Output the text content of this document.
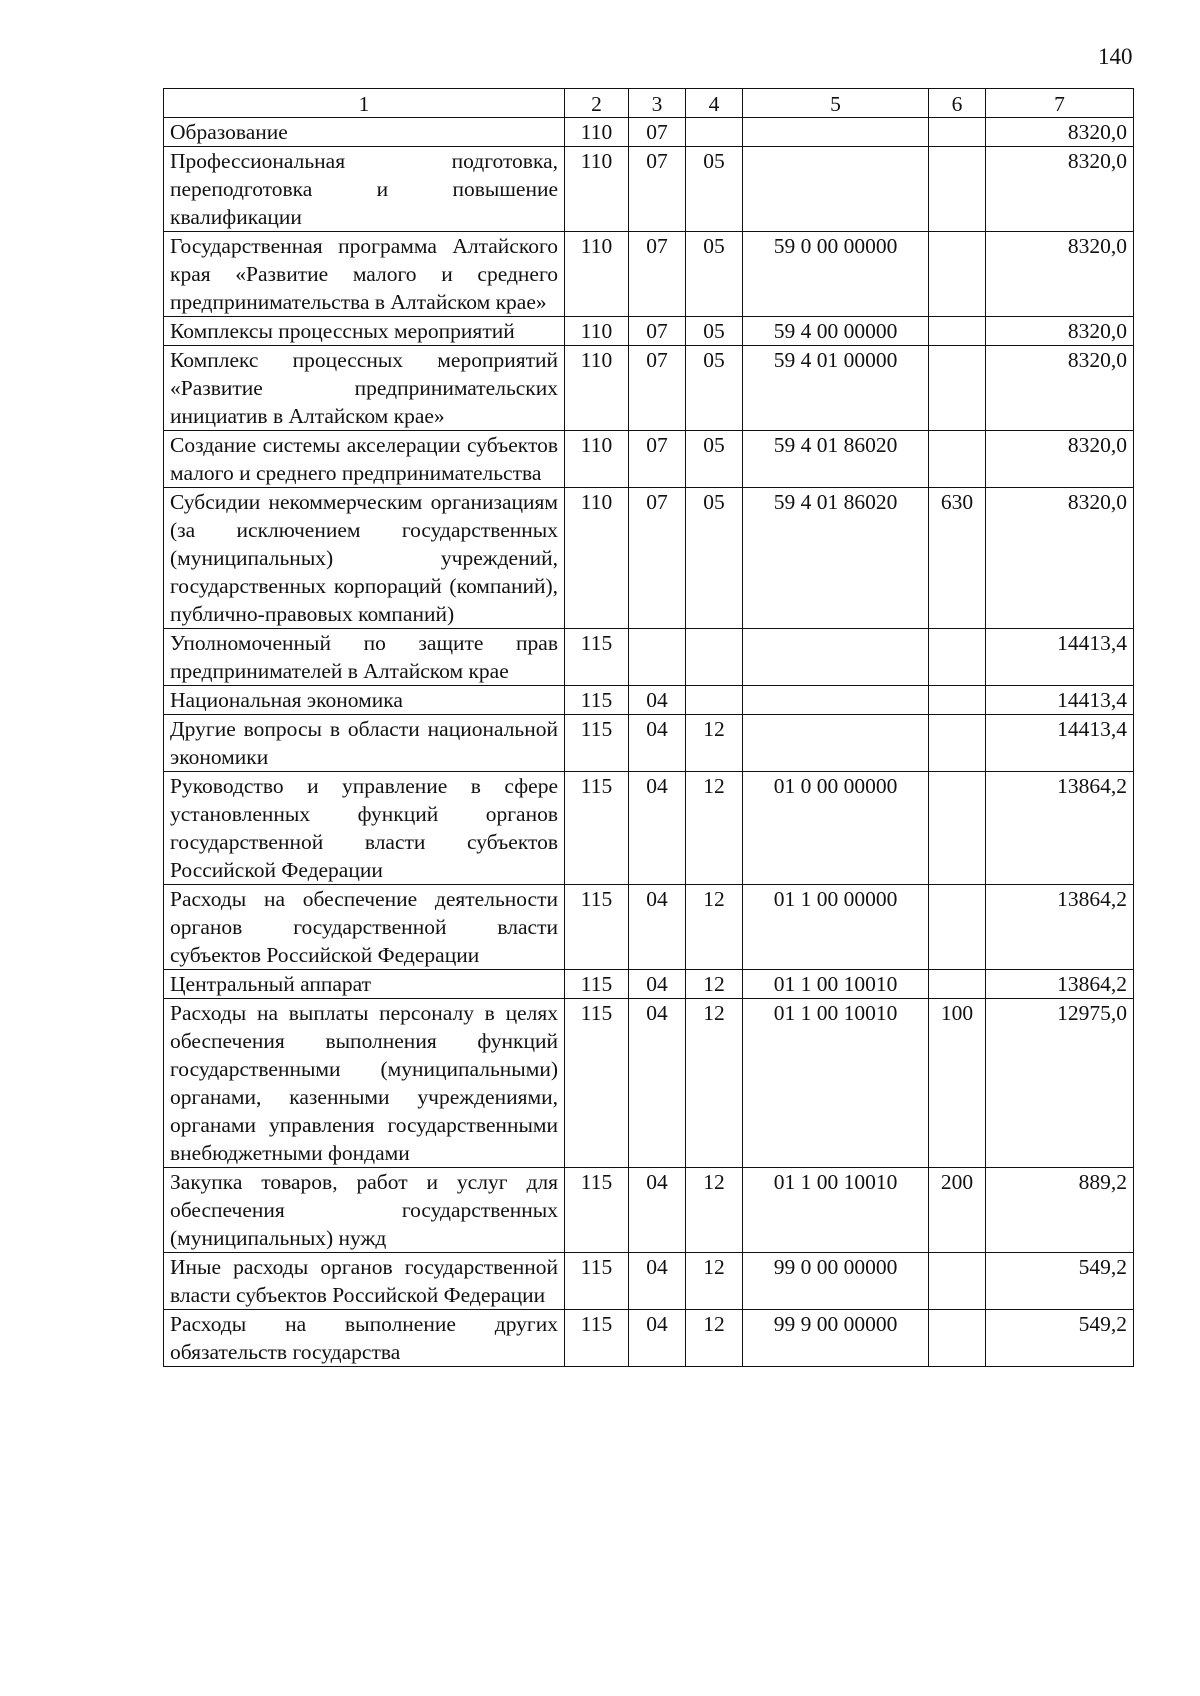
140
1	2	3	4	5	6	7
Образование	110	07				8320,0
Профессиональная подготовка, переподготовка и повышение квалификации	110	07	05			8320,0
Государственная программа Алтайского края «Развитие малого и среднего предпринимательства в Алтайском крае»	110	07	05	59 0 00 00000		8320,0
Комплексы процессных мероприятий	110	07	05	59 4 00 00000		8320,0
Комплекс процессных мероприятий «Развитие предпринимательских инициатив в Алтайском крае»	110	07	05	59 4 01 00000		8320,0
Создание системы акселерации субъектов малого и среднего предпринимательства	110	07	05	59 4 01 86020		8320,0
Субсидии некоммерческим организациям (за исключением государственных (муниципальных) учреждений, государственных корпораций (компаний), публично-правовых компаний)	110	07	05	59 4 01 86020	630	8320,0
Уполномоченный по защите прав предпринимателей в Алтайском крае	115					14413,4
Национальная экономика	115	04				14413,4
Другие вопросы в области национальной экономики	115	04	12			14413,4
Руководство и управление в сфере установленных функций органов государственной власти субъектов Российской Федерации	115	04	12	01 0 00 00000		13864,2
Расходы на обеспечение деятельности органов государственной власти субъектов Российской Федерации	115	04	12	01 1 00 00000		13864,2
Центральный аппарат	115	04	12	01 1 00 10010		13864,2
Расходы на выплаты персоналу в целях обеспечения выполнения функций государственными (муниципальными) органами, казенными учреждениями, органами управления государственными внебюджетными фондами	115	04	12	01 1 00 10010	100	12975,0
Закупка товаров, работ и услуг для обеспечения государственных (муниципальных) нужд	115	04	12	01 1 00 10010	200	889,2
Иные расходы органов государственной власти субъектов Российской Федерации	115	04	12	99 0 00 00000		549,2
Расходы на выполнение других обязательств государства	115	04	12	99 9 00 00000		549,2
